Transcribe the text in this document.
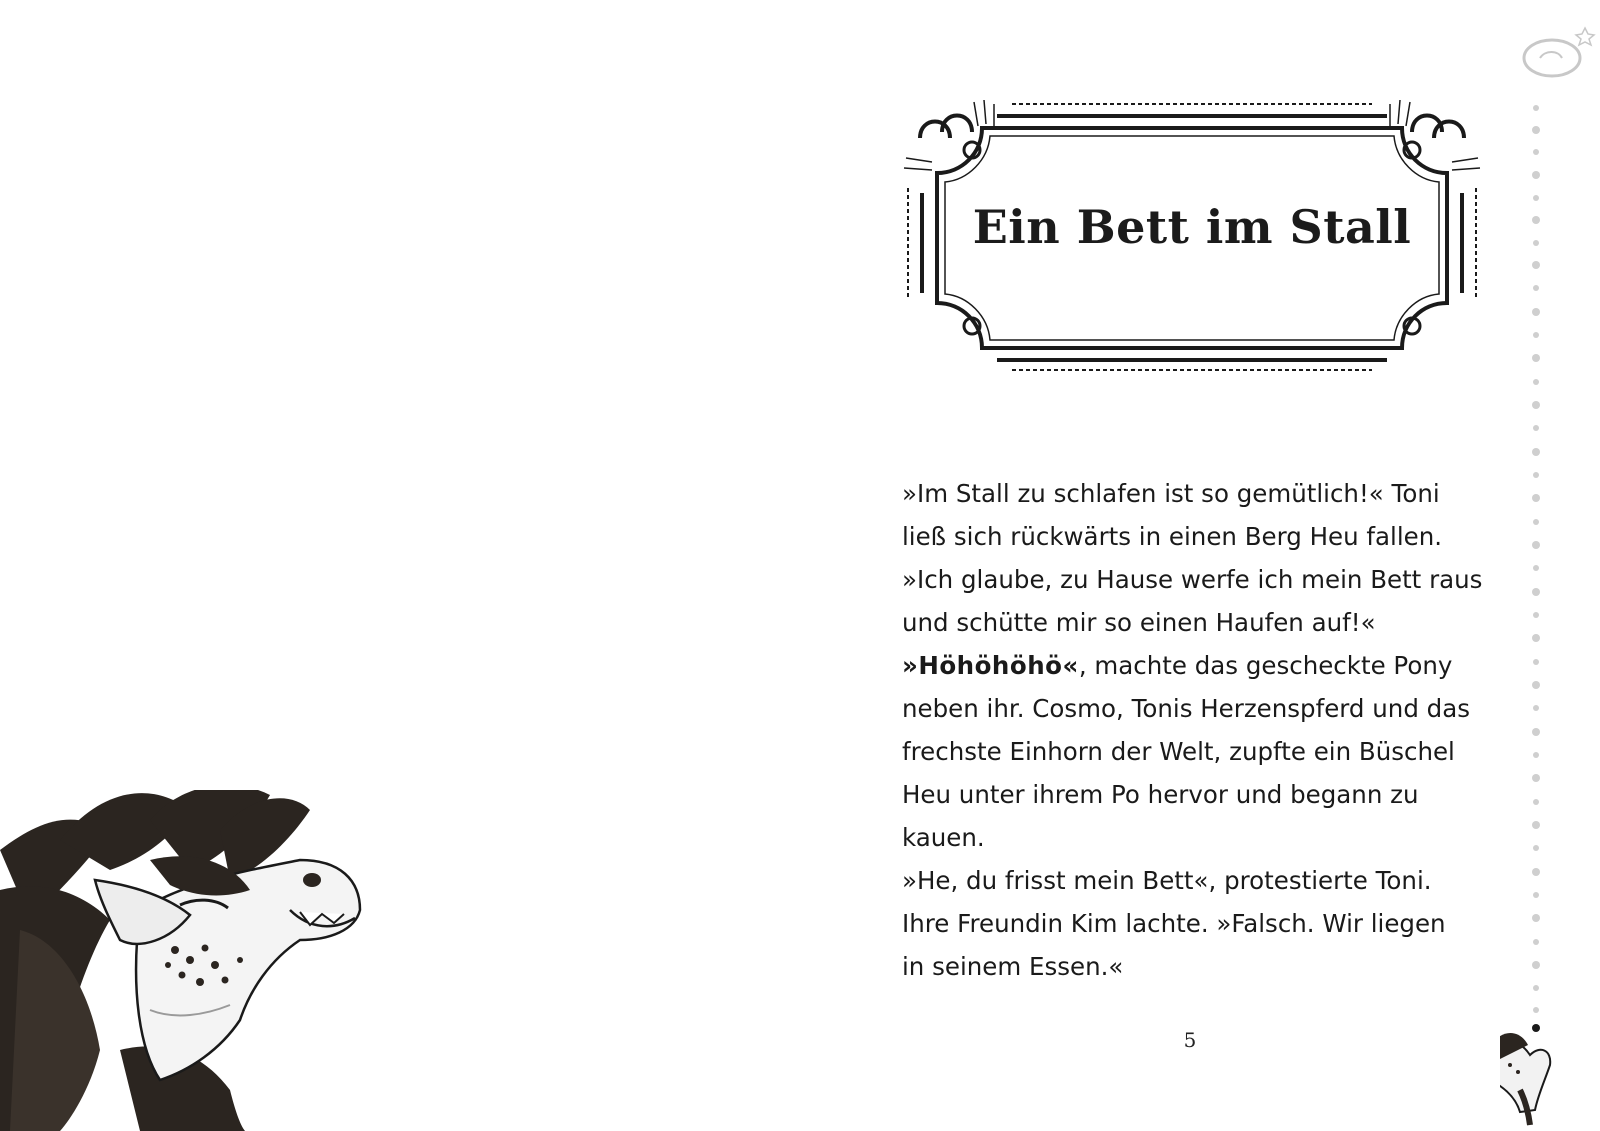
Ein Bett im Stall
»Im Stall zu schlafen ist so gemütlich!« Toni
ließ sich rückwärts in einen Berg Heu fallen.
»Ich glaube, zu Hause werfe ich mein Bett raus
und schütte mir so einen Haufen auf!«
»Höhöhöhö«, machte das gescheckte Pony
neben ihr. Cosmo, Tonis Herzenspferd und das
frechste Einhorn der Welt, zupfte ein Büschel
Heu unter ihrem Po hervor und begann zu
kauen.
»He, du frisst mein Bett«, protestierte Toni.
Ihre Freundin Kim lachte. »Falsch. Wir liegen
in seinem Essen.«
5
